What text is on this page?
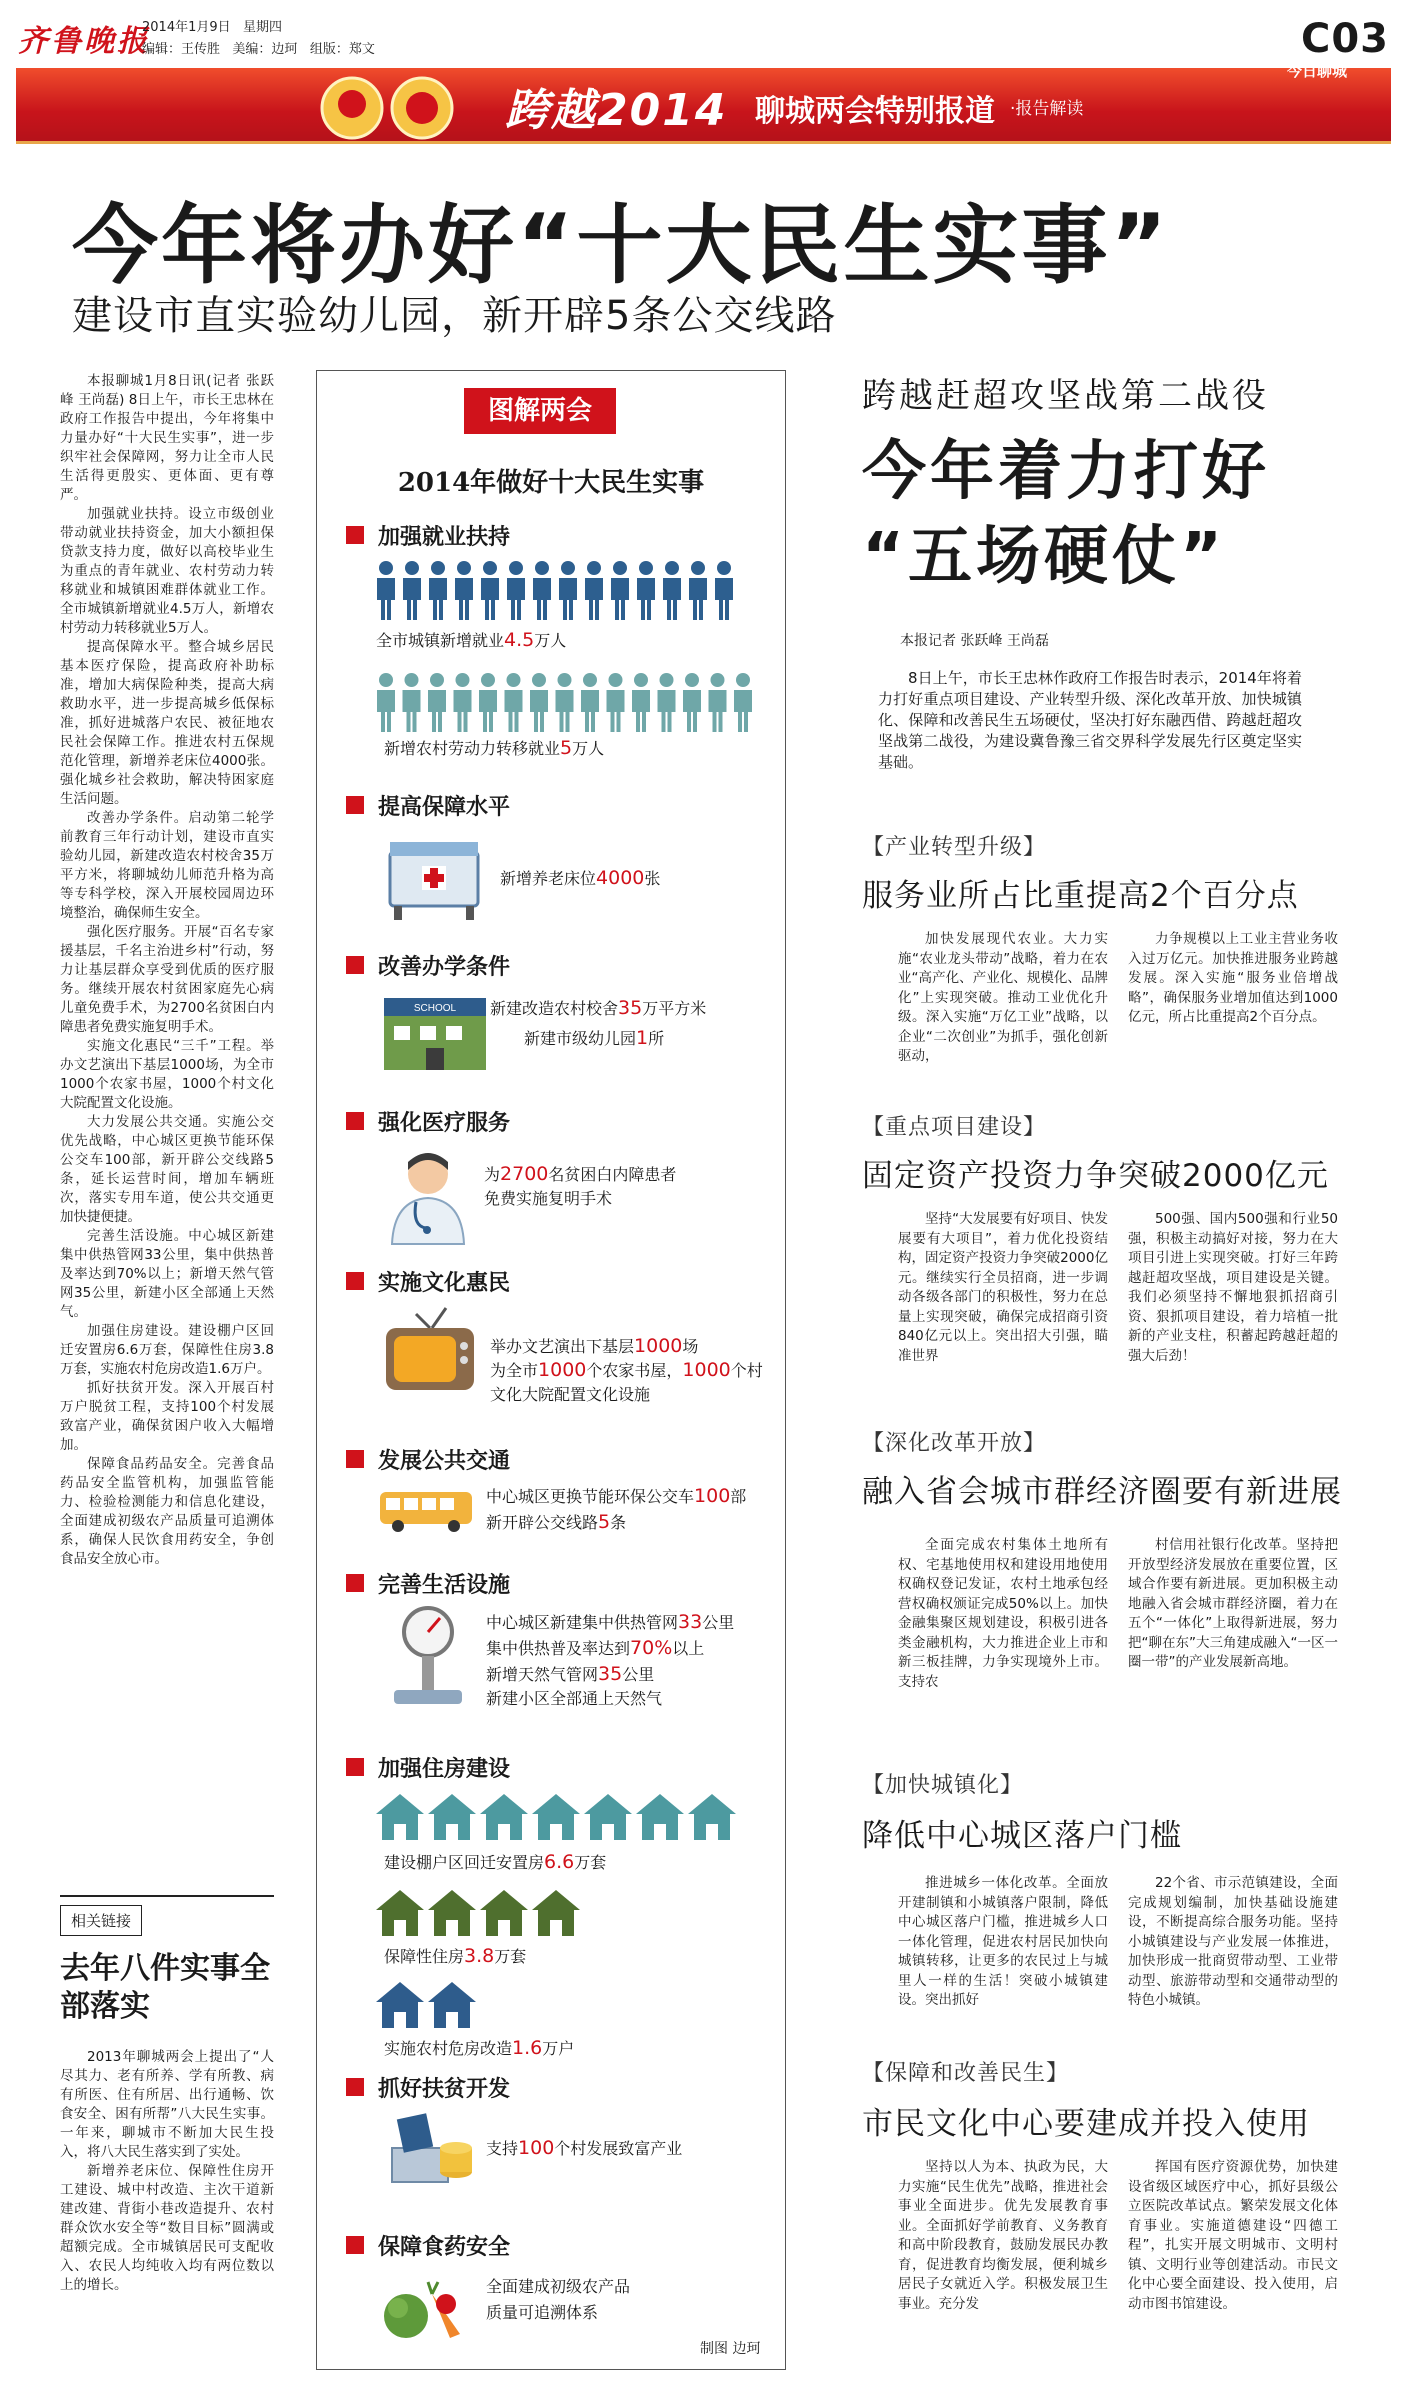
齐鲁晚报
2014年1月9日 星期四
编辑：王传胜 美编：边珂 组版：郑文	C03
跨越2014 聊城两会特别报道 ·报告解读
今日聊城
今年将办好“十大民生实事”
建设市直实验幼儿园，新开辟5条公交线路

本报聊城1月8日讯(记者 张跃峰 王尚磊) 8日上午，市长王忠林在政府工作报告中提出，今年将集中力量办好“十大民生实事”，进一步织牢社会保障网，努力让全市人民生活得更殷实、更体面、更有尊严。

加强就业扶持。设立市级创业带动就业扶持资金，加大小额担保贷款支持力度，做好以高校毕业生为重点的青年就业、农村劳动力转移就业和城镇困难群体就业工作。全市城镇新增就业4.5万人，新增农村劳动力转移就业5万人。

提高保障水平。整合城乡居民基本医疗保险，提高政府补助标准，增加大病保险种类，提高大病救助水平，进一步提高城乡低保标准，抓好进城落户农民、被征地农民社会保障工作。推进农村五保规范化管理，新增养老床位4000张。强化城乡社会救助，解决特困家庭生活问题。

改善办学条件。启动第二轮学前教育三年行动计划，建设市直实验幼儿园，新建改造农村校舍35万平方米，将聊城幼儿师范升格为高等专科学校，深入开展校园周边环境整治，确保师生安全。

强化医疗服务。开展“百名专家援基层，千名主治进乡村”行动，努力让基层群众享受到优质的医疗服务。继续开展农村贫困家庭先心病儿童免费手术，为2700名贫困白内障患者免费实施复明手术。

实施文化惠民“三千”工程。举办文艺演出下基层1000场，为全市1000个农家书屋，1000个村文化大院配置文化设施。

大力发展公共交通。实施公交优先战略，中心城区更换节能环保公交车100部，新开辟公交线路5条，延长运营时间，增加车辆班次，落实专用车道，使公共交通更加快捷便捷。

完善生活设施。中心城区新建集中供热管网33公里，集中供热普及率达到70%以上；新增天然气管网35公里，新建小区全部通上天然气。

加强住房建设。建设棚户区回迁安置房6.6万套，保障性住房3.8万套，实施农村危房改造1.6万户。

抓好扶贫开发。深入开展百村万户脱贫工程，支持100个村发展致富产业，确保贫困户收入大幅增加。

保障食品药品安全。完善食品药品安全监管机构，加强监管能力、检验检测能力和信息化建设，全面建成初级农产品质量可追溯体系，确保人民饮食用药安全，争创食品安全放心市。

相关链接
去年八件实事全部落实

2013年聊城两会上提出了“人尽其力、老有所养、学有所教、病有所医、住有所居、出行通畅、饮食安全、困有所帮”八大民生实事。一年来，聊城市不断加大民生投入，将八大民生落实到了实处。

新增养老床位、保障性住房开工建设、城中村改造、主次干道新建改建、背街小巷改造提升、农村群众饮水安全等“数目目标”圆满或超额完成。全市城镇居民可支配收入、农民人均纯收入均有两位数以上的增长。

图解两会
2014年做好十大民生实事
加强就业扶持
全市城镇新增就业4.5万人
新增农村劳动力转移就业5万人
提高保障水平
新增养老床位4000张
改善办学条件
SCHOOL 新建改造农村校舍35万平方米
新建市级幼儿园1所
强化医疗服务
为2700名贫困白内障患者
免费实施复明手术
实施文化惠民
举办文艺演出下基层1000场
为全市1000个农家书屋，1000个村
文化大院配置文化设施
发展公共交通
中心城区更换节能环保公交车100部
新开辟公交线路5条
完善生活设施
中心城区新建集中供热管网33公里
集中供热普及率达到70%以上
新增天然气管网35公里
新建小区全部通上天然气
加强住房建设
建设棚户区回迁安置房6.6万套
保障性住房3.8万套
实施农村危房改造1.6万户
抓好扶贫开发
支持100个村发展致富产业
保障食药安全
全面建成初级农产品
质量可追溯体系
制图 边珂
跨越赶超攻坚战第二战役
今年着力打好
“五场硬仗”
本报记者 张跃峰 王尚磊
8日上午，市长王忠林作政府工作报告时表示，2014年将着力打好重点项目建设、产业转型升级、深化改革开放、加快城镇化、保障和改善民生五场硬仗，坚决打好东融西借、跨越赶超攻坚战第二战役，为建设冀鲁豫三省交界科学发展先行区奠定坚实基础。
【产业转型升级】
服务业所占比重提高2个百分点

加快发展现代农业。大力实施“农业龙头带动”战略，着力在农业“高产化、产业化、规模化、品牌化”上实现突破。推动工业优化升级。深入实施“万亿工业”战略，以企业“二次创业”为抓手，强化创新驱动，

力争规模以上工业主营业务收入过万亿元。加快推进服务业跨越发展。深入实施“服务业倍增战略”，确保服务业增加值达到1000亿元，所占比重提高2个百分点。

【重点项目建设】
固定资产投资力争突破2000亿元

坚持“大发展要有好项目、快发展要有大项目”，着力优化投资结构，固定资产投资力争突破2000亿元。继续实行全员招商，进一步调动各级各部门的积极性，努力在总量上实现突破，确保完成招商引资840亿元以上。突出招大引强，瞄准世界

500强、国内500强和行业50强，积极主动搞好对接，努力在大项目引进上实现突破。打好三年跨越赶超攻坚战，项目建设是关键。我们必须坚持不懈地狠抓招商引资、狠抓项目建设，着力培植一批新的产业支柱，积蓄起跨越赶超的强大后劲！

【深化改革开放】
融入省会城市群经济圈要有新进展

全面完成农村集体土地所有权、宅基地使用权和建设用地使用权确权登记发证，农村土地承包经营权确权颁证完成50%以上。加快金融集聚区规划建设，积极引进各类金融机构，大力推进企业上市和新三板挂牌，力争实现境外上市。支持农

村信用社银行化改革。坚持把开放型经济发展放在重要位置，区域合作要有新进展。更加积极主动地融入省会城市群经济圈，着力在五个“一体化”上取得新进展，努力把“聊在东”大三角建成融入“一区一圈一带”的产业发展新高地。

【加快城镇化】
降低中心城区落户门槛

推进城乡一体化改革。全面放开建制镇和小城镇落户限制，降低中心城区落户门槛，推进城乡人口一体化管理，促进农村居民加快向城镇转移，让更多的农民过上与城里人一样的生活！突破小城镇建设。突出抓好

22个省、市示范镇建设，全面完成规划编制，加快基础设施建设，不断提高综合服务功能。坚持小城镇建设与产业发展一体推进，加快形成一批商贸带动型、工业带动型、旅游带动型和交通带动型的特色小城镇。

【保障和改善民生】
市民文化中心要建成并投入使用

坚持以人为本、执政为民，大力实施“民生优先”战略，推进社会事业全面进步。优先发展教育事业。全面抓好学前教育、义务教育和高中阶段教育，鼓励发展民办教育，促进教育均衡发展，便利城乡居民子女就近入学。积极发展卫生事业。充分发

挥国有医疗资源优势，加快建设省级区域医疗中心，抓好县级公立医院改革试点。繁荣发展文化体育事业。实施道德建设“四德工程”，扎实开展文明城市、文明村镇、文明行业等创建活动。市民文化中心要全面建设、投入使用，启动市图书馆建设。
